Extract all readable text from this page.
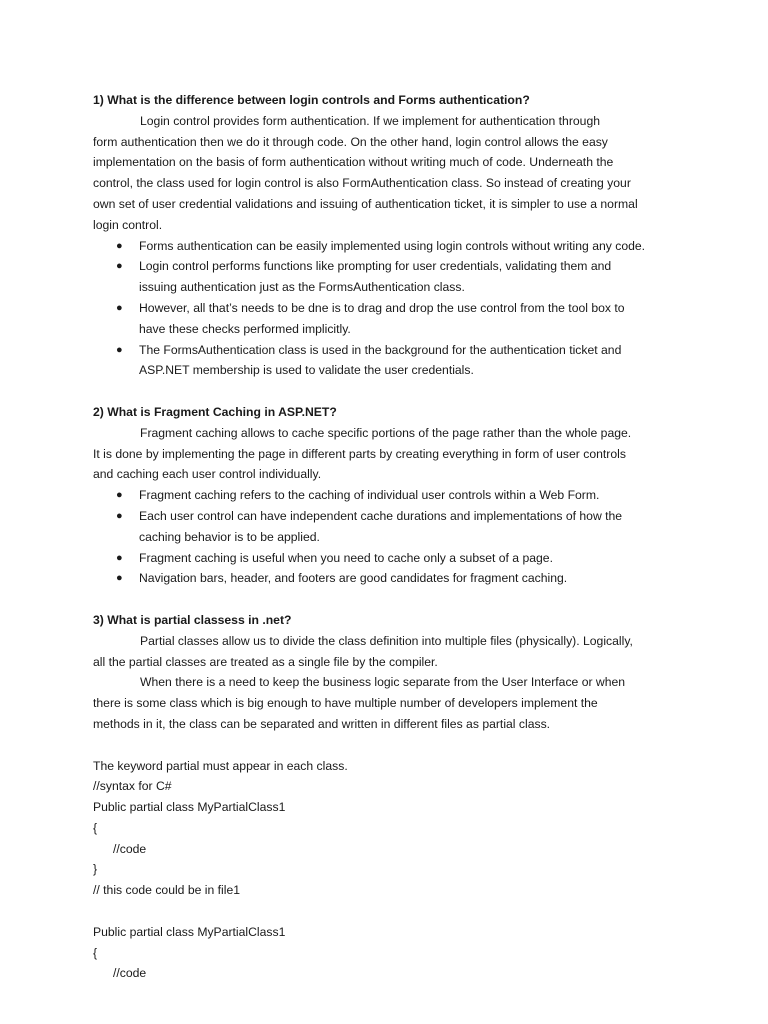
1) What is the difference between login controls and Forms authentication?

Login control provides form authentication. If we implement for authentication through
form authentication then we do it through code. On the other hand, login control allows the easy
implementation on the basis of form authentication without writing much of code. Underneath the
control, the class used for login control is also FormAuthentication class. So instead of creating your
own set of user credential validations and issuing of authentication ticket, it is simpler to use a normal
login control.

● Forms authentication can be easily implemented using login controls without writing any code.
● Login control performs functions like prompting for user credentials, validating them and
issuing authentication just as the FormsAuthentication class.
● However, all that’s needs to be dne is to drag and drop the use control from the tool box to
have these checks performed implicitly.
● The FormsAuthentication class is used in the background for the authentication ticket and
ASP.NET membership is used to validate the user credentials.

2) What is Fragment Caching in ASP.NET?

Fragment caching allows to cache specific portions of the page rather than the whole page.
It is done by implementing the page in different parts by creating everything in form of user controls
and caching each user control individually.

● Fragment caching refers to the caching of individual user controls within a Web Form.
● Each user control can have independent cache durations and implementations of how the
caching behavior is to be applied.
● Fragment caching is useful when you need to cache only a subset of a page.
● Navigation bars, header, and footers are good candidates for fragment caching.

3) What is partial classess in .net?

Partial classes allow us to divide the class definition into multiple files (physically). Logically,
all the partial classes are treated as a single file by the compiler.

When there is a need to keep the business logic separate from the User Interface or when
there is some class which is big enough to have multiple number of developers implement the
methods in it, the class can be separated and written in different files as partial class.

The keyword partial must appear in each class.
//syntax for C#
Public partial class MyPartialClass1
{
//code
}
// this code could be in file1
Public partial class MyPartialClass1
{
//code
